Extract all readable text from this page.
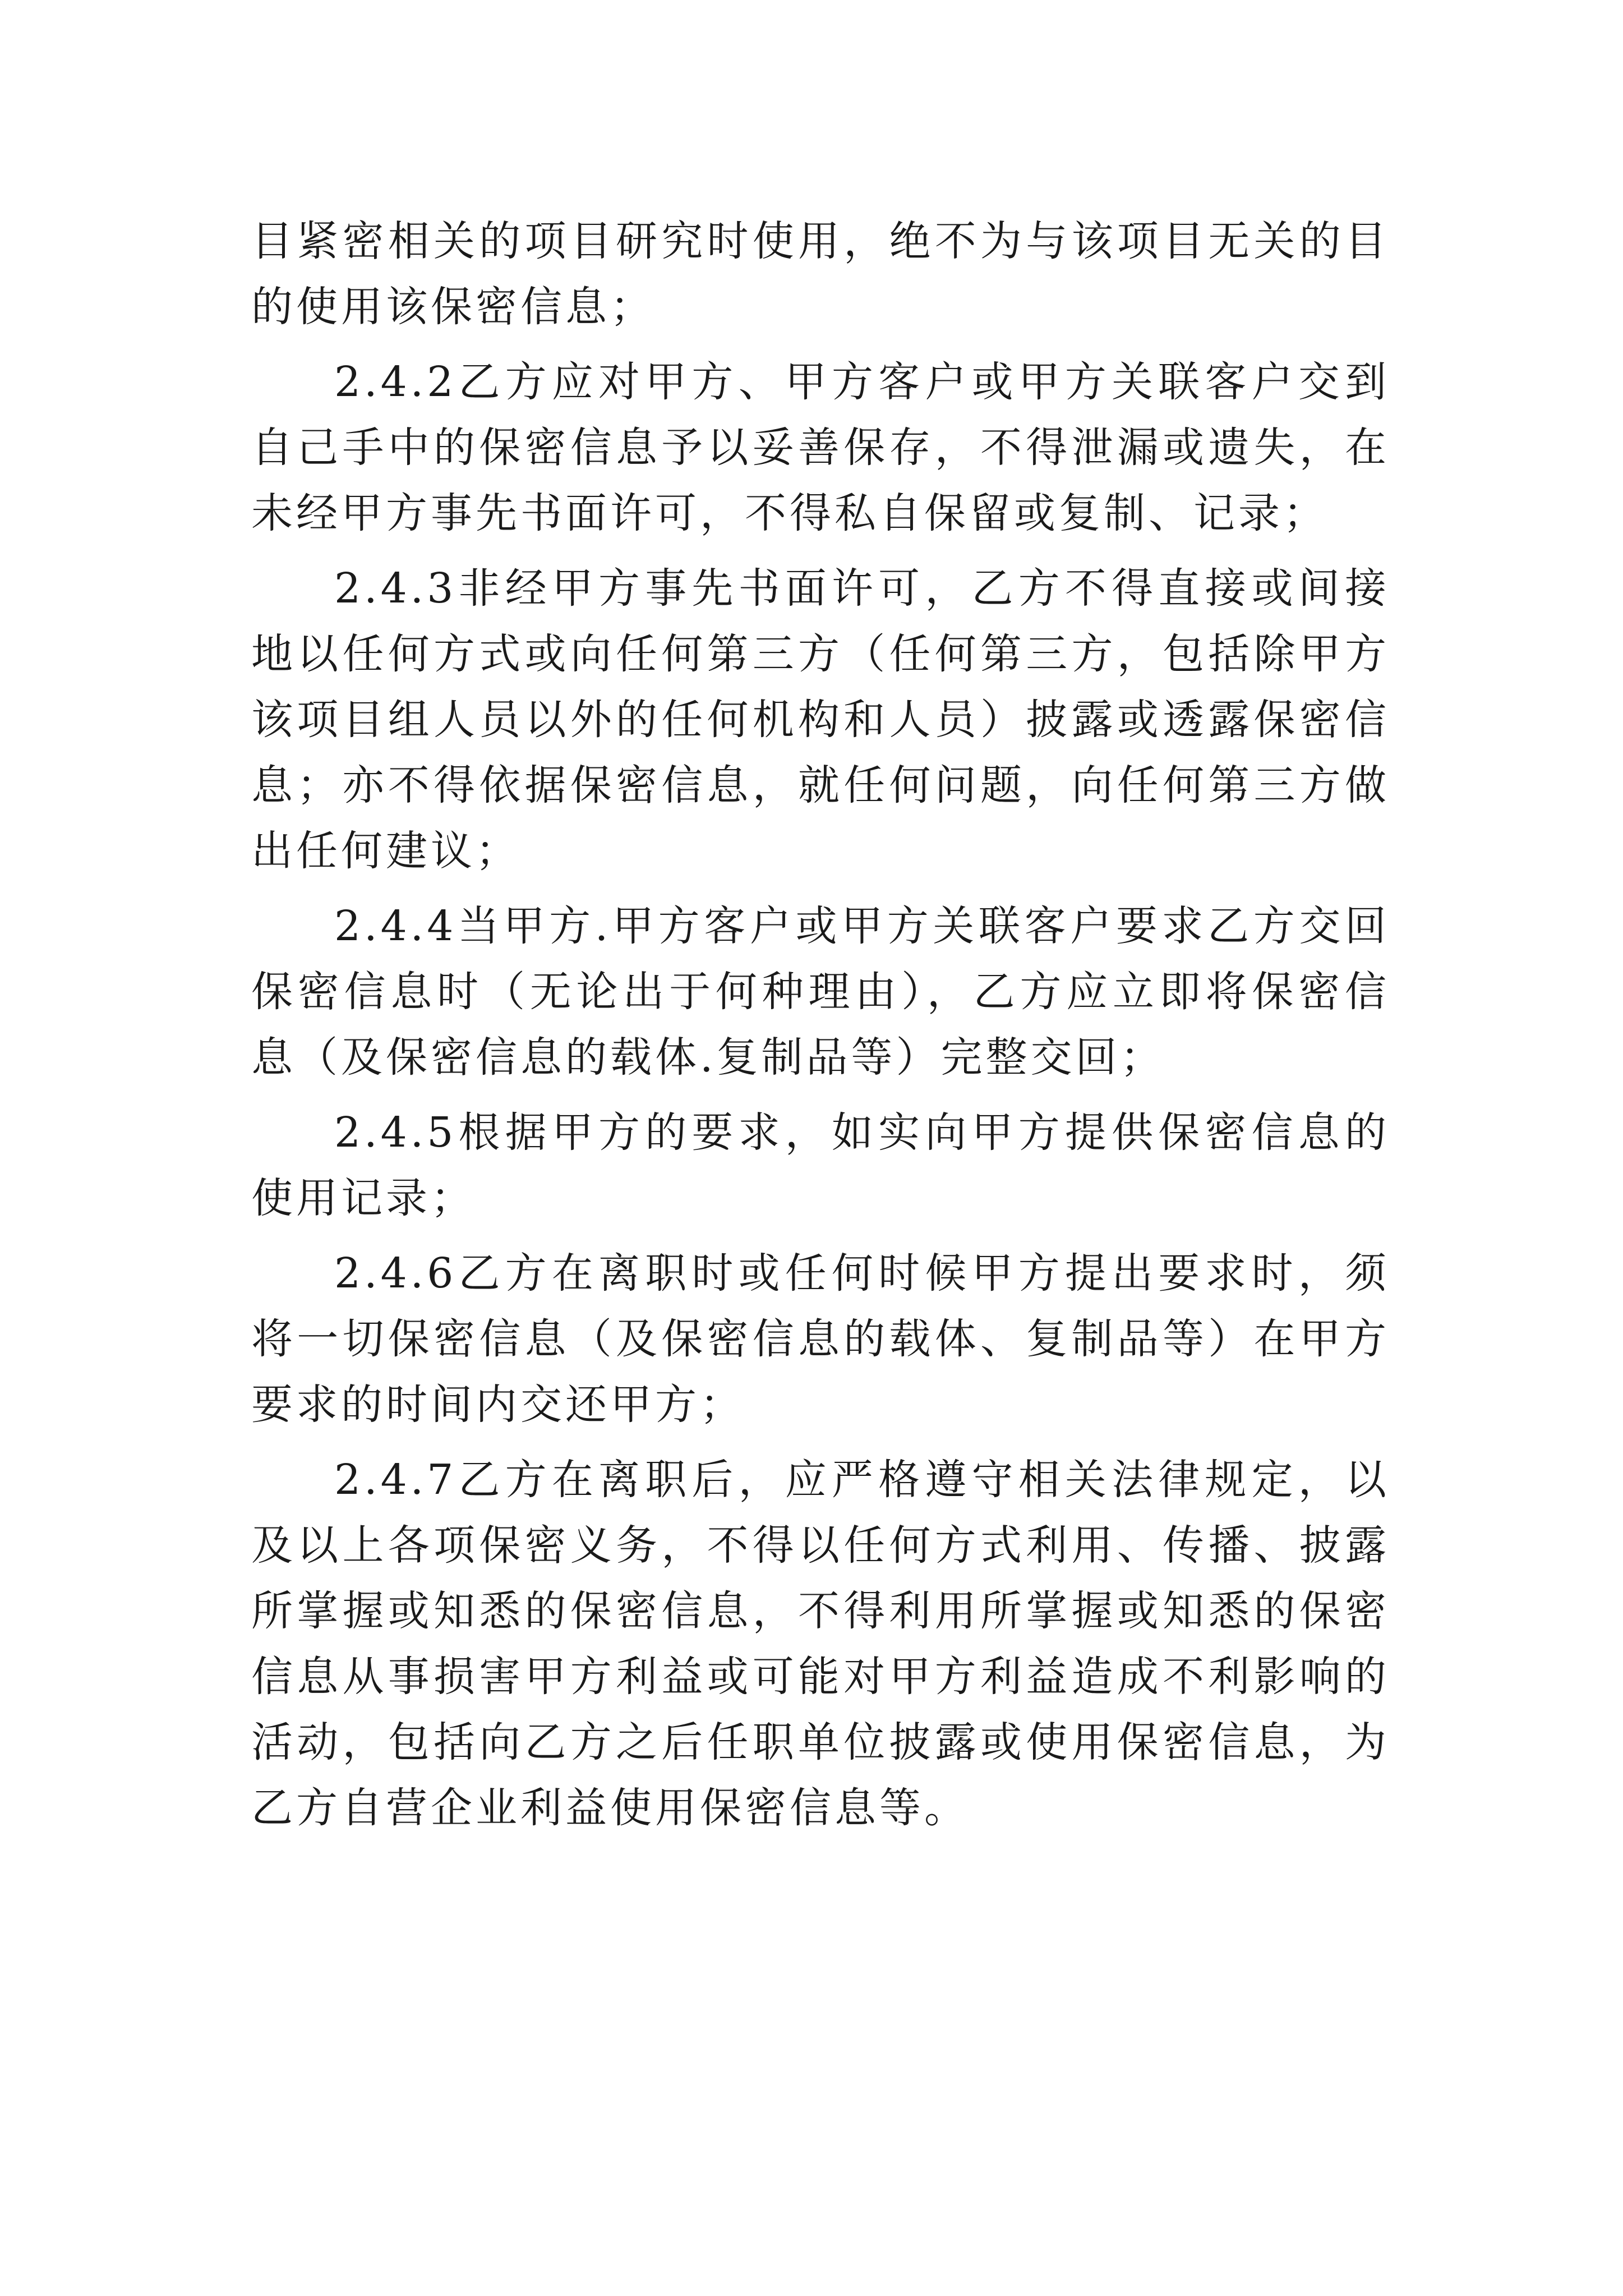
目紧密相关的项目研究时使用，绝不为与该项目无关的目的使用该保密信息；

2.4.2乙方应对甲方、甲方客户或甲方关联客户交到自己手中的保密信息予以妥善保存，不得泄漏或遗失，在未经甲方事先书面许可，不得私自保留或复制、记录；

2.4.3非经甲方事先书面许可，乙方不得直接或间接地以任何方式或向任何第三方（任何第三方，包括除甲方该项目组人员以外的任何机构和人员）披露或透露保密信息；亦不得依据保密信息，就任何问题，向任何第三方做出任何建议；

2.4.4当甲方.甲方客户或甲方关联客户要求乙方交回保密信息时（无论出于何种理由），乙方应立即将保密信息（及保密信息的载体.复制品等）完整交回；

2.4.5根据甲方的要求，如实向甲方提供保密信息的使用记录；

2.4.6乙方在离职时或任何时候甲方提出要求时，须将一切保密信息（及保密信息的载体、复制品等）在甲方要求的时间内交还甲方；

2.4.7乙方在离职后，应严格遵守相关法律规定，以及以上各项保密义务，不得以任何方式利用、传播、披露所掌握或知悉的保密信息，不得利用所掌握或知悉的保密信息从事损害甲方利益或可能对甲方利益造成不利影响的活动，包括向乙方之后任职单位披露或使用保密信息，为乙方自营企业利益使用保密信息等。
